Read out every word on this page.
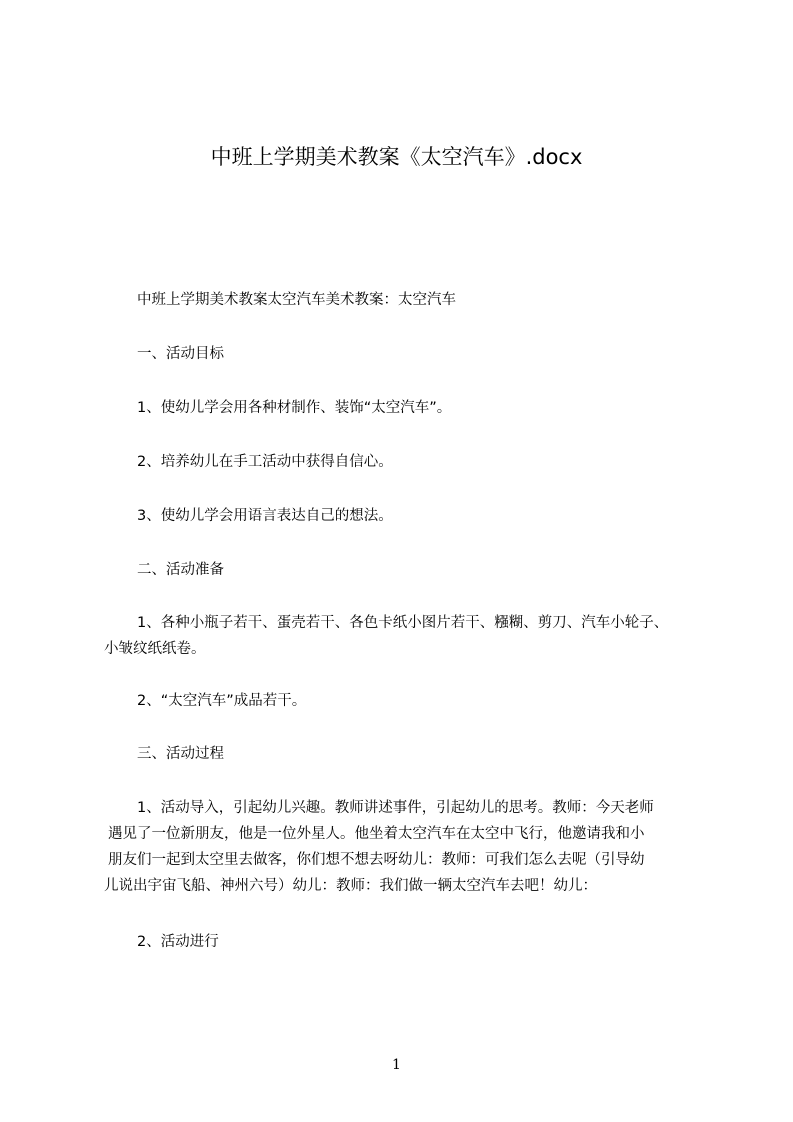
中班上学期美术教案《太空汽车》.docx
中班上学期美术教案太空汽车美术教案：太空汽车
一、活动目标
1、使幼儿学会用各种材制作、装饰“太空汽车”。
2、培养幼儿在手工活动中获得自信心。
3、使幼儿学会用语言表达自己的想法。
二、活动准备
1、各种小瓶子若干、蛋壳若干、各色卡纸小图片若干、糨糊、剪刀、汽车小轮子、
小皱纹纸纸卷。
2、“太空汽车”成品若干。
三、活动过程
1、活动导入，引起幼儿兴趣。教师讲述事件，引起幼儿的思考。教师：今天老师
遇见了一位新朋友，他是一位外星人。他坐着太空汽车在太空中飞行，他邀请我和小
朋友们一起到太空里去做客，你们想不想去呀幼儿：教师：可我们怎么去呢（引导幼
儿说出宇宙飞船、神州六号）幼儿：教师：我们做一辆太空汽车去吧！幼儿：
2、活动进行
1
